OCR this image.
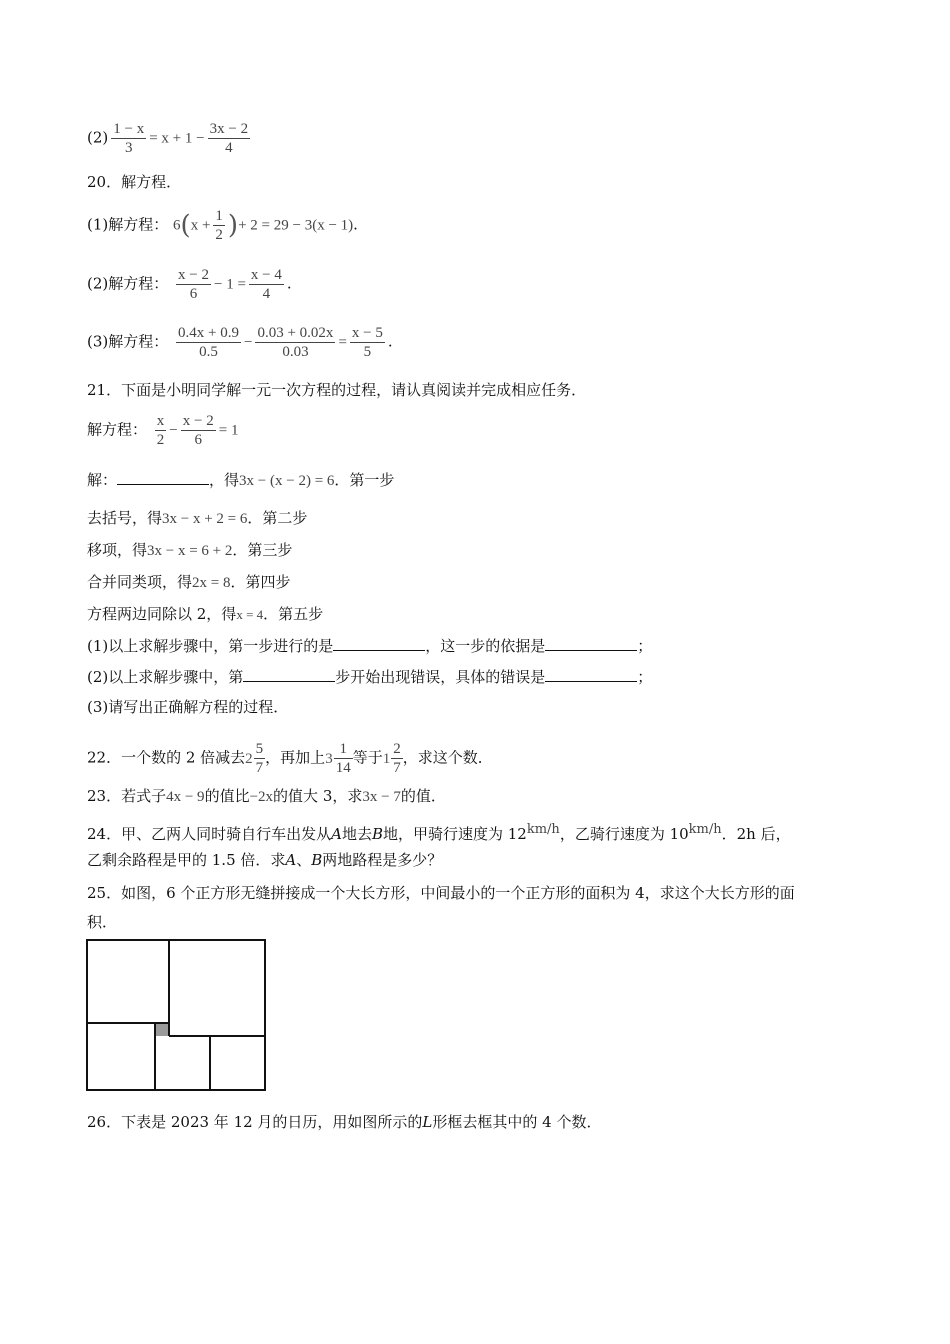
$(2) \frac{1 - x}{3} = x + 1 - \frac{3x - 2}{4}$
20．解方程．
(1)解方程： $6(x + \frac{1}{2}$ )+ 2 = 29 − 3(x − 1).
(2)解方程： $\frac{x - 2}{6} - 1 = \frac{x - 4}{4}$ .
(3)解方程： $\frac{0.4x + 0.9}{0.5} - \frac{0.03 + 0.02x}{0.03} = \frac{x - 5}{5}$ .
21．下面是小明同学解一元一次方程的过程，请认真阅读并完成相应任务．
解方程： $\frac{x}{2} - \frac{x - 2}{6} = 1$
解：	，得3x − (x − 2) = 6．第一步
去括号，得3x − x + 2 = 6．第二步
移项，得3x − x = 6 + 2．第三步
合并同类项，得2x = 8．第四步
方程两边同除以 2，得x = 4．第五步
(1)以上求解步骤中，第一步进行的是	，这一步的依据是	；
(2)以上求解步骤中，第	步开始出现错误，具体的错误是	；
(3)请写出正确解方程的过程．
22．一个数的 2 倍减去 $2 \frac{5}{7}$ ，再加上 $3 \frac{1}{14}$ 等于 $1 \frac{2}{7}$ ，求这个数．
23．若式子4x − 9的值比−2x的值大 3，求3x − 7的值．
24．甲、乙两人同时骑自行车出发从A地去B地，甲骑行速度为 12km/h，乙骑行速度为 10km/h．2h 后，
乙剩余路程是甲的 1.5 倍．求A、B两地路程是多少？
25．如图，6 个正方形无缝拼接成一个大长方形，中间最小的一个正方形的面积为 4，求这个大长方形的面
积．
26．下表是 2023 年 12 月的日历，用如图所示的L形框去框其中的 4 个数．
